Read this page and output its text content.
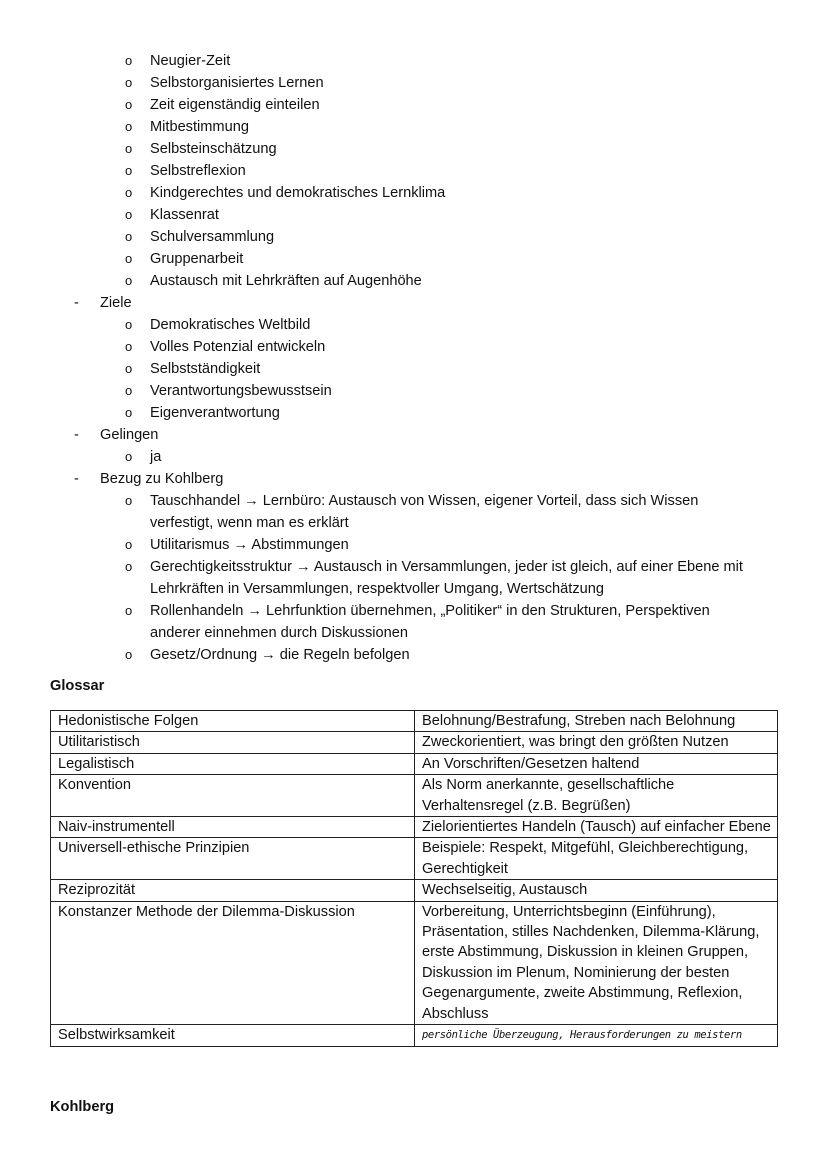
o Neugier-Zeit
o Selbstorganisiertes Lernen
o Zeit eigenständig einteilen
o Mitbestimmung
o Selbsteinschätzung
o Selbstreflexion
o Kindgerechtes und demokratisches Lernklima
o Klassenrat
o Schulversammlung
o Gruppenarbeit
o Austausch mit Lehrkräften auf Augenhöhe
- Ziele
o Demokratisches Weltbild
o Volles Potenzial entwickeln
o Selbstständigkeit
o Verantwortungsbewusstsein
o Eigenverantwortung
- Gelingen
o ja
- Bezug zu Kohlberg
o Tauschhandel → Lernbüro: Austausch von Wissen, eigener Vorteil, dass sich Wissen
verfestigt, wenn man es erklärt
o Utilitarismus → Abstimmungen
o Gerechtigkeitsstruktur → Austausch in Versammlungen, jeder ist gleich, auf einer Ebene mit
Lehrkräften in Versammlungen, respektvoller Umgang, Wertschätzung
o Rollenhandeln → Lehrfunktion übernehmen, „Politiker“ in den Strukturen, Perspektiven
anderer einnehmen durch Diskussionen
o Gesetz/Ordnung → die Regeln befolgen
Glossar
Hedonistische Folgen	Belohnung/Bestrafung, Streben nach Belohnung
Utilitaristisch	Zweckorientiert, was bringt den größten Nutzen
Legalistisch	An Vorschriften/Gesetzen haltend
Konvention	Als Norm anerkannte, gesellschaftliche Verhaltensregel (z.B. Begrüßen)
Naiv-instrumentell	Zielorientiertes Handeln (Tausch) auf einfacher Ebene
Universell-ethische Prinzipien	Beispiele: Respekt, Mitgefühl, Gleichberechtigung, Gerechtigkeit
Reziprozität	Wechselseitig, Austausch
Konstanzer Methode der Dilemma-Diskussion	Vorbereitung, Unterrichtsbeginn (Einführung), Präsentation, stilles Nachdenken, Dilemma-Klärung, erste Abstimmung, Diskussion in kleinen Gruppen, Diskussion im Plenum, Nominierung der besten Gegenargumente, zweite Abstimmung, Reflexion, Abschluss
Selbstwirksamkeit	persönliche Überzeugung, Herausforderungen zu meistern
Kohlberg
